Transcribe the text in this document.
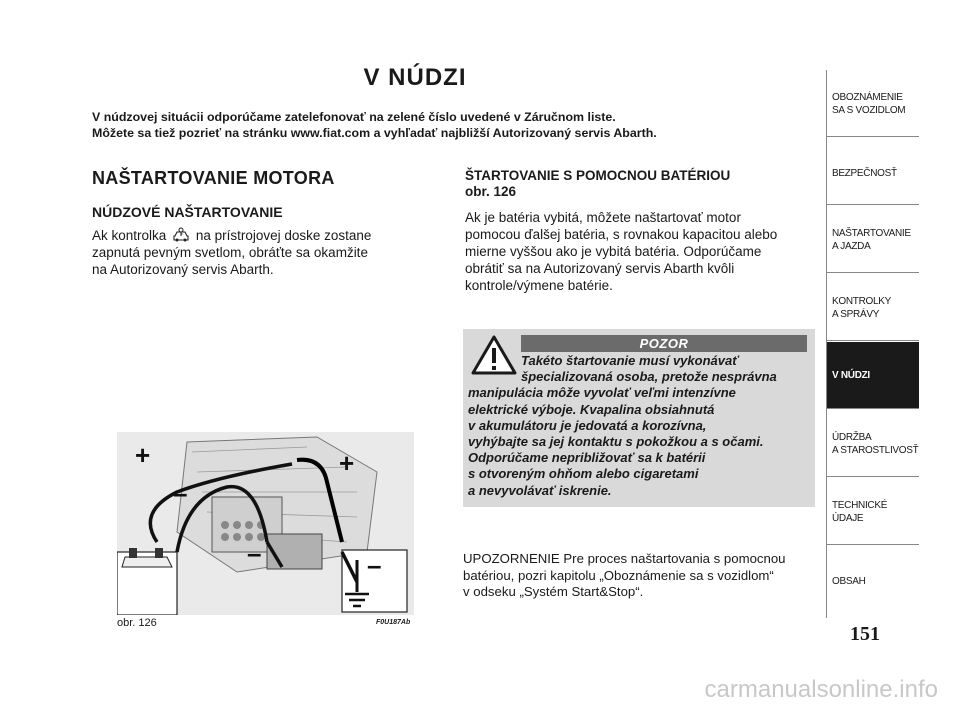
V NÚDZI
V núdzovej situácii odporúčame zatelefonovať na zelené číslo uvedené v Záručnom liste.
Môžete sa tiež pozrieť na stránku www.fiat.com a vyhľadať najbližší Autorizovaný servis Abarth.
NAŠTARTOVANIE MOTORA
NÚDZOVÉ NAŠTARTOVANIE
Ak kontrolka na prístrojovej doske zostane
zapnutá pevným svetlom, obráťte sa okamžite
na Autorizovaný servis Abarth.
ŠTARTOVANIE S POMOCNOU BATÉRIOU
obr. 126
Ak je batéria vybitá, môžete naštartovať motor
pomocou ďalšej batéria, s rovnakou kapacitou alebo
mierne vyššou ako je vybitá batéria. Odporúčame
obrátiť sa na Autorizovaný servis Abarth kvôli
kontrole/výmene batérie.
POZOR
Takéto štartovanie musí vykonávať
špecializovaná osoba, pretože nesprávna
manipulácia môže vyvolať veľmi intenzívne
elektrické výboje. Kvapalina obsiahnutá
v akumulátoru je jedovatá a korozívna,
vyhýbajte sa jej kontaktu s pokožkou a s očami.
Odporúčame nepribližovať sa k batérii
s otvoreným ohňom alebo cigaretami
a nevyvolávať iskrenie.
UPOZORNENIE Pre proces naštartovania s pomocnou
batériou, pozri kapitolu „Oboznámenie sa s vozidlom“
v odseku „Systém Start&Stop“.
+
–
+
–	–
obr. 126	F0U187Ab
OBOZNÁMENIE
SA S VOZIDLOM
BEZPEČNOSŤ
NAŠTARTOVANIE
A JAZDA
KONTROLKY
A SPRÁVY
V NÚDZI
ÚDRŽBA
A STAROSTLIVOSŤ
TECHNICKÉ
ÚDAJE
OBSAH
151
carmanualsonline.info
